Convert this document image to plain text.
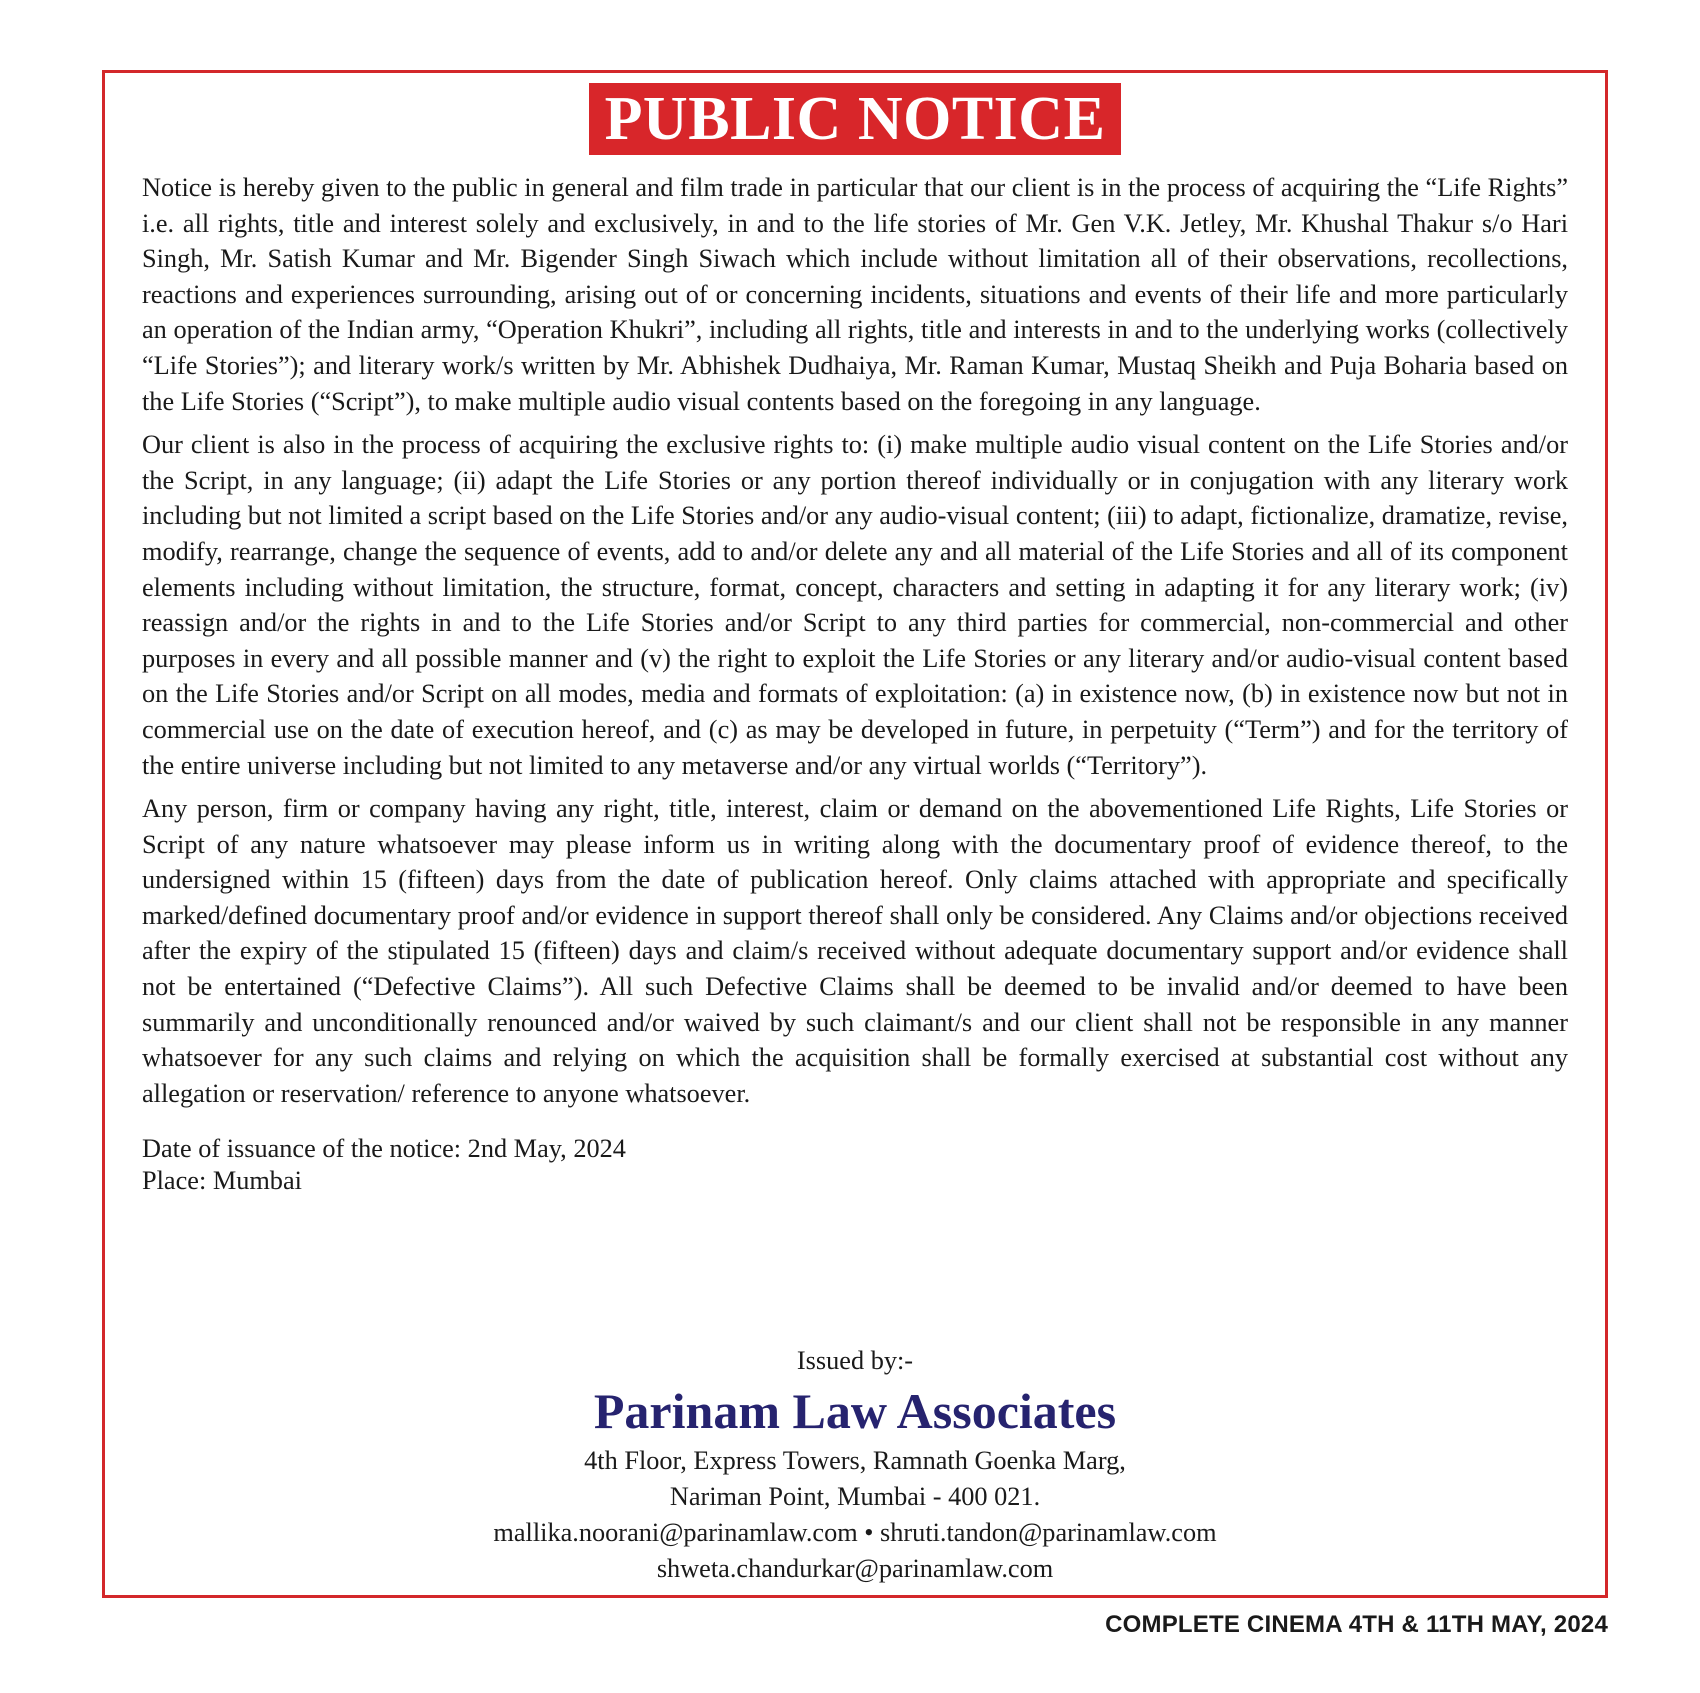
PUBLIC NOTICE

Notice is hereby given to the public in general and film trade in particular that our client is in the process of acquiring the “Life Rights” i.e. all rights, title and interest solely and exclusively, in and to the life stories of Mr. Gen V.K. Jetley, Mr. Khushal Thakur s/o Hari Singh, Mr. Satish Kumar and Mr. Bigender Singh Siwach which include without limitation all of their observations, recollections, reactions and experiences surrounding, arising out of or concerning incidents, situations and events of their life and more particularly an operation of the Indian army, “Operation Khukri”, including all rights, title and interests in and to the underlying works (collectively “Life Stories”); and literary work/s written by Mr. Abhishek Dudhaiya, Mr. Raman Kumar, Mustaq Sheikh and Puja Boharia based on the Life Stories (“Script”), to make multiple audio visual contents based on the foregoing in any language.

Our client is also in the process of acquiring the exclusive rights to: (i) make multiple audio visual content on the Life Stories and/or the Script, in any language; (ii) adapt the Life Stories or any portion thereof individually or in conjugation with any literary work including but not limited a script based on the Life Stories and/or any audio-visual content; (iii) to adapt, fictionalize, dramatize, revise, modify, rearrange, change the sequence of events, add to and/or delete any and all material of the Life Stories and all of its component elements including without limitation, the structure, format, concept, characters and setting in adapting it for any literary work; (iv) reassign and/or the rights in and to the Life Stories and/or Script to any third parties for commercial, non-commercial and other purposes in every and all possible manner and (v) the right to exploit the Life Stories or any literary and/or audio-visual content based on the Life Stories and/or Script on all modes, media and formats of exploitation: (a) in existence now, (b) in existence now but not in commercial use on the date of execution hereof, and (c) as may be developed in future, in perpetuity (“Term”) and for the territory of the entire universe including but not limited to any metaverse and/or any virtual worlds (“Territory”).

Any person, firm or company having any right, title, interest, claim or demand on the abovementioned Life Rights, Life Stories or Script of any nature whatsoever may please inform us in writing along with the documentary proof of evidence thereof, to the undersigned within 15 (fifteen) days from the date of publication hereof. Only claims attached with appropriate and specifically marked/defined documentary proof and/or evidence in support thereof shall only be considered. Any Claims and/or objections received after the expiry of the stipulated 15 (fifteen) days and claim/s received without adequate documentary support and/or evidence shall not be entertained (“Defective Claims”). All such Defective Claims shall be deemed to be invalid and/or deemed to have been summarily and unconditionally renounced and/or waived by such claimant/s and our client shall not be responsible in any manner whatsoever for any such claims and relying on which the acquisition shall be formally exercised at substantial cost without any allegation or reservation/ reference to anyone whatsoever.

Date of issuance of the notice: 2nd May, 2024
Place: Mumbai
Issued by:-
Parinam Law Associates
4th Floor, Express Towers, Ramnath Goenka Marg,
Nariman Point, Mumbai - 400 021.
mallika.noorani@parinamlaw.com • shruti.tandon@parinamlaw.com
shweta.chandurkar@parinamlaw.com
COMPLETE CINEMA 4TH & 11TH MAY, 2024
